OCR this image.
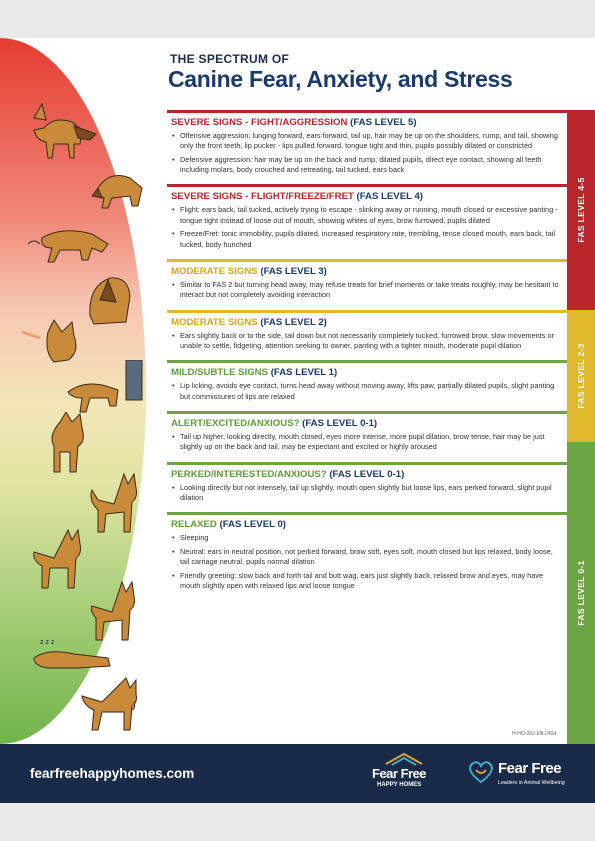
z z z
THE SPECTRUM OF
Canine Fear, Anxiety, and Stress
SEVERE SIGNS - FIGHT/AGGRESSION (FAS LEVEL 5)
• Offensive aggression: lunging forward, ears forward, tail up, hair may be up on the shoulders, rump, and tail, showing only the front teeth, lip pucker - lips pulled forward, tongue tight and thin, pupils possibly dilated or constricted
• Defensive aggression: hair may be up on the back and rump, dilated pupils, direct eye contact, showing all teeth including molars, body crouched and retreating, tail tucked, ears back
SEVERE SIGNS - FLIGHT/FREEZE/FRET (FAS LEVEL 4)
• Flight: ears back, tail tucked, actively trying to escape - slinking away or running, mouth closed or excessive panting - tongue tight instead of loose out of mouth, showing whites of eyes, brow furrowed, pupils dilated
• Freeze/Fret: tonic immobility, pupils dilated, increased respiratory rate, trembling, tense closed mouth, ears back, tail tucked, body hunched
MODERATE SIGNS (FAS LEVEL 3)
• Similar to FAS 2 but turning head away, may refuse treats for brief moments or take treats roughly, may be hesitant to interact but not completely avoiding interaction
MODERATE SIGNS (FAS LEVEL 2)
• Ears slightly back or to the side, tail down but not necessarily completely tucked, furrowed brow, slow movements or unable to settle, fidgeting, attention seeking to owner, panting with a tighter mouth, moderate pupil dilation
MILD/SUBTLE SIGNS (FAS LEVEL 1)
• Lip licking, avoids eye contact, turns head away without moving away, lifts paw, partially dilated pupils, slight panting but commissures of lips are relaxed
ALERT/EXCITED/ANXIOUS? (FAS LEVEL 0-1)
• Tail up higher, looking directly, mouth closed, eyes more intense, more pupil dilation, brow tense, hair may be just slightly up on the back and tail, may be expectant and excited or highly aroused
PERKED/INTERESTED/ANXIOUS? (FAS LEVEL 0-1)
• Looking directly but not intensely, tail up slightly, mouth open slightly but loose lips, ears perked forward, slight pupil dilation
RELAXED (FAS LEVEL 0)
• Sleeping
• Neutral: ears in neutral position, not perked forward, brow soft, eyes soft, mouth closed but lips relaxed, body loose, tail carriage neutral, pupils normal dilation
• Friendly greeting: slow back and forth tail and butt wag, ears just slightly back, relaxed brow and eyes, may have mouth slightly open with relaxed lips and loose tongue
FAS LEVEL 4-5
FAS LEVEL 2-3
FAS LEVEL 0-1
H-HO-002-EN-2404
fearfreehappyhomes.com	Fear Free
HAPPY HOMES
Fear Free
Leaders in Animal Wellbeing
